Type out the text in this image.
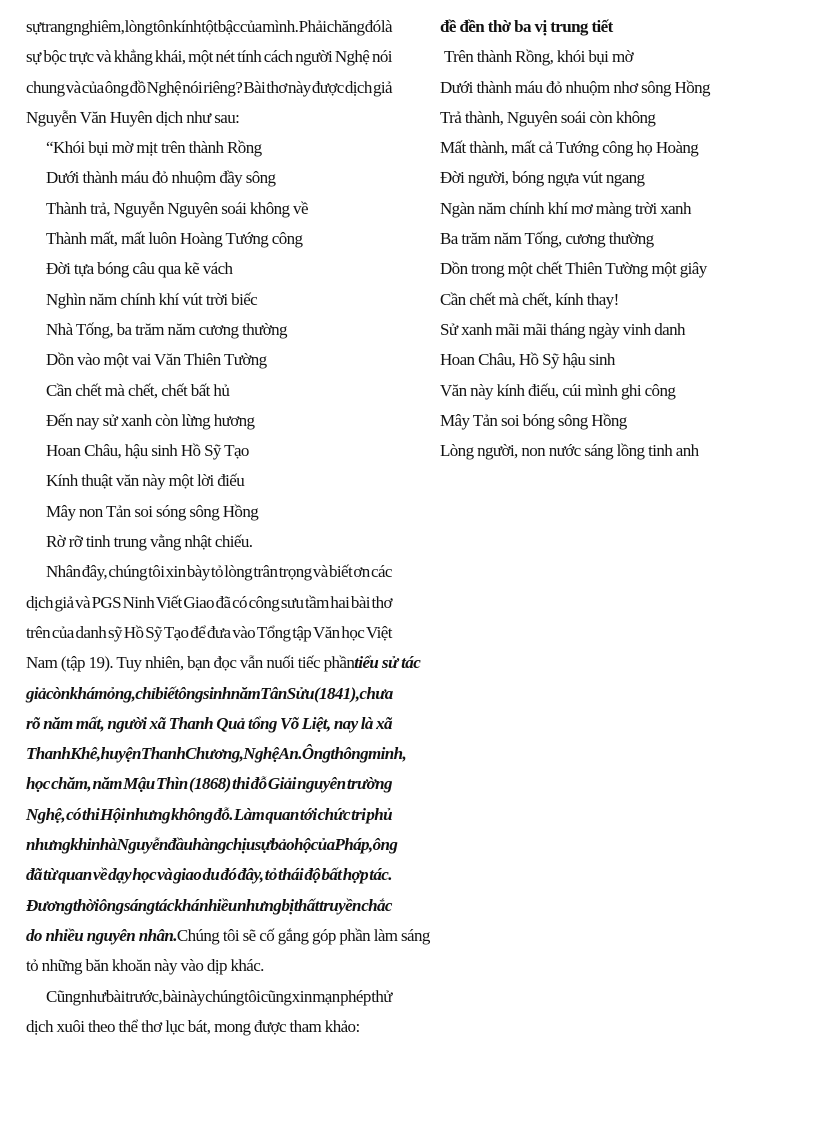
sự trang nghiêm, lòng tôn kính tột bậc của mình. Phải chăng đó là
sự bộc trực và khẳng khái, một nét tính cách người Nghệ nói
chung và của ông đồ Nghệ nói riêng? Bài thơ này được dịch giả
Nguyễn Văn Huyên dịch như sau:
“Khói bụi mờ mịt trên thành Rồng
Dưới thành máu đỏ nhuộm đầy sông
Thành trả, Nguyễn Nguyên soái không về
Thành mất, mất luôn Hoàng Tướng công
Đời tựa bóng câu qua kẽ vách
Nghìn năm chính khí vút trời biếc
Nhà Tống, ba trăm năm cương thường
Dồn vào một vai Văn Thiên Tường
Cần chết mà chết, chết bất hủ
Đến nay sử xanh còn lừng hương
Hoan Châu, hậu sinh Hồ Sỹ Tạo
Kính thuật văn này một lời điếu
Mây non Tản soi sóng sông Hồng
Rờ rỡ tinh trung vằng nhật chiếu.
Nhân đây, chúng tôi xin bày tỏ lòng trân trọng và biết ơn các
dịch giả và PGS Ninh Viết Giao đã có công sưu tầm hai bài thơ
trên của danh sỹ Hồ Sỹ Tạo để đưa vào Tổng tập Văn học Việt
Nam (tập 19). Tuy nhiên, bạn đọc vẫn nuối tiếc phần tiểu sử tác
giả còn khá mỏng, chỉ biết ông sinh năm Tân Sửu (1841), chưa
rõ năm mất, người xã Thanh Quả tổng Võ Liệt, nay là xã
Thanh Khê, huyện Thanh Chương, Nghệ An. Ông thông minh ,
học chăm, năm Mậu Thìn (1868) thi đỗ Giải nguyên trường
Nghệ, có thi Hội nhưng không đỗ. Làm quan tới chức tri phủ
nhưng khi nhà Nguyễn đầu hàng chịu sự bảo hộ của Pháp, ông
đã từ quan về dạy học và giao du đó đây, tỏ thái độ bất hợp tác.
Đương thời ông sáng tác khá nhiều nhưng bị thất truyền chắc
do nhiều nguyên nhân. Chúng tôi sẽ cố gắng góp phần làm sáng
tỏ những băn khoăn này vào dịp khác.
Cũng như bài trước, bài này chúng tôi cũng xin mạn phép thử
dịch xuôi theo thể thơ lục bát, mong được tham khảo:
đề đền thờ ba vị trung tiết
Trên thành Rồng, khói bụi mờ
Dưới thành máu đỏ nhuộm nhơ sông Hồng
Trả thành, Nguyên soái còn không
Mất thành, mất cả Tướng công họ Hoàng
Đời người, bóng ngựa vút ngang
Ngàn năm chính khí mơ màng trời xanh
Ba trăm năm Tống, cương thường
Dồn trong một chết Thiên Tường một giây
Cần chết mà chết, kính thay!
Sử xanh mãi mãi tháng ngày vinh danh
Hoan Châu, Hồ Sỹ hậu sinh
Văn này kính điếu, cúi mình ghi công
Mây Tản soi bóng sông Hồng
Lòng người, non nước sáng lồng tinh anh
